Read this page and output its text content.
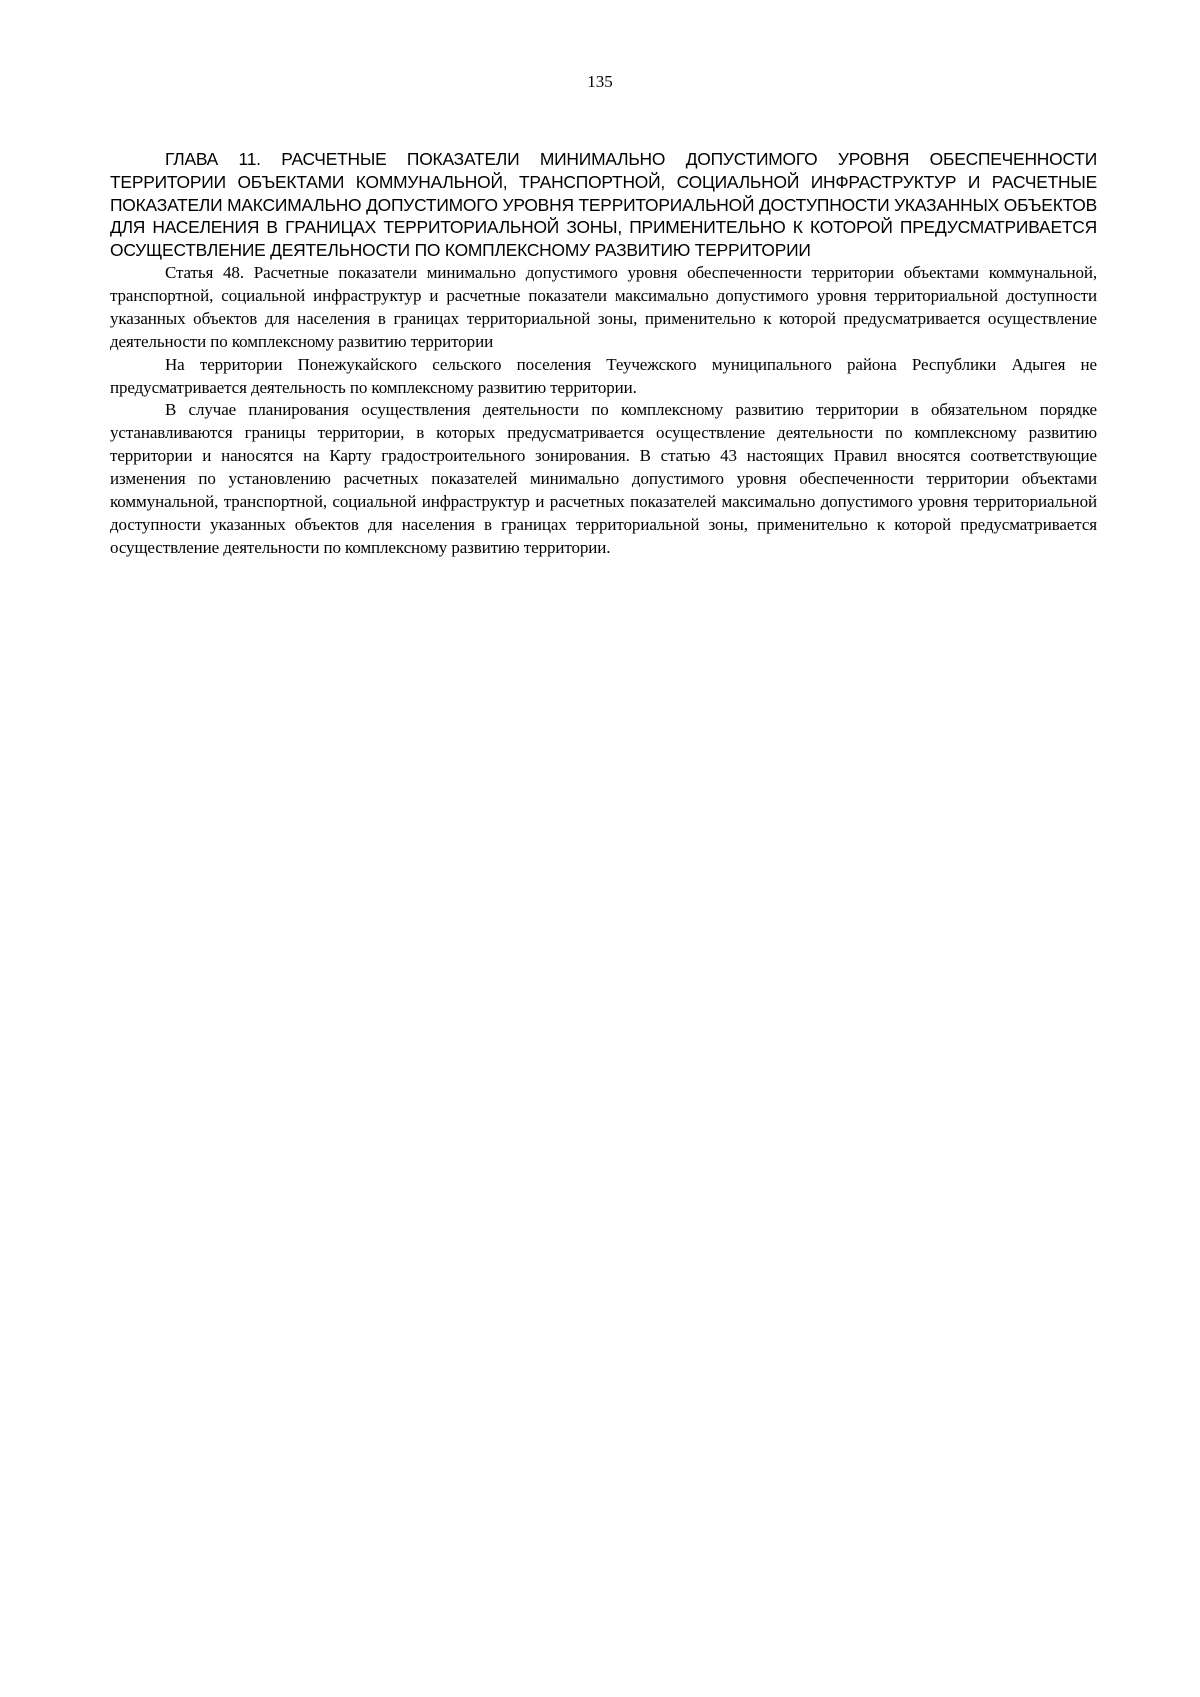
135
ГЛАВА 11. РАСЧЕТНЫЕ ПОКАЗАТЕЛИ МИНИМАЛЬНО ДОПУСТИМОГО УРОВНЯ ОБЕСПЕЧЕННОСТИ ТЕРРИТОРИИ ОБЪЕКТАМИ КОММУНАЛЬНОЙ, ТРАНСПОРТНОЙ, СОЦИАЛЬНОЙ ИНФРАСТРУКТУР И РАСЧЕТНЫЕ ПОКАЗАТЕЛИ МАКСИМАЛЬНО ДОПУСТИМОГО УРОВНЯ ТЕРРИТОРИАЛЬНОЙ ДОСТУПНОСТИ УКАЗАННЫХ ОБЪЕКТОВ ДЛЯ НАСЕЛЕНИЯ В ГРАНИЦАХ ТЕРРИТОРИАЛЬНОЙ ЗОНЫ, ПРИМЕНИТЕЛЬНО К КОТОРОЙ ПРЕДУСМАТРИВАЕТСЯ ОСУЩЕСТВЛЕНИЕ ДЕЯТЕЛЬНОСТИ ПО КОМПЛЕКСНОМУ РАЗВИТИЮ ТЕРРИТОРИИ

Статья 48. Расчетные показатели минимально допустимого уровня обеспеченности территории объектами коммунальной, транспортной, социальной инфраструктур и расчетные показатели максимально допустимого уровня территориальной доступности указанных объектов для населения в границах территориальной зоны, применительно к которой предусматривается осуществление деятельности по комплексному развитию территории

На территории Понежукайского сельского поселения Теучежского муниципального района Республики Адыгея не предусматривается деятельность по комплексному развитию территории.

В случае планирования осуществления деятельности по комплексному развитию территории в обязательном порядке устанавливаются границы территории, в которых предусматривается осуществление деятельности по комплексному развитию территории и наносятся на Карту градостроительного зонирования. В статью 43 настоящих Правил вносятся соответствующие изменения по установлению расчетных показателей минимально допустимого уровня обеспеченности территории объектами коммунальной, транспортной, социальной инфраструктур и расчетных показателей максимально допустимого уровня территориальной доступности указанных объектов для населения в границах территориальной зоны, применительно к которой предусматривается осуществление деятельности по комплексному развитию территории.
